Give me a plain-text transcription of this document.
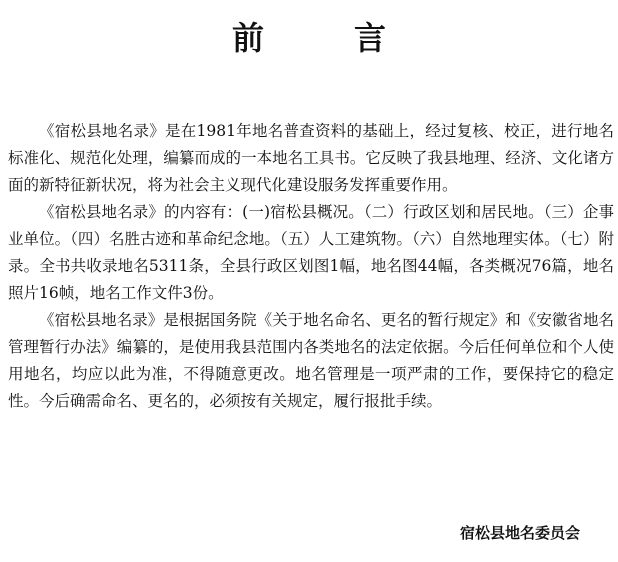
前	言

《宿松县地名录》是在1981年地名普查资料的基础上，经过复核、校正，进行地名标准化、规范化处理，编纂而成的一本地名工具书。它反映了我县地理、经济、文化诸方面的新特征新状况，将为社会主义现代化建设服务发挥重要作用。

《宿松县地名录》的内容有：(一)宿松县概况。（二）行政区划和居民地。（三）企事业单位。（四）名胜古迹和革命纪念地。（五）人工建筑物。（六）自然地理实体。（七）附录。全书共收录地名5311条，全县行政区划图1幅，地名图44幅，各类概况76篇，地名照片16帧，地名工作文件3份。

《宿松县地名录》是根据国务院《关于地名命名、更名的暂行规定》和《安徽省地名管理暂行办法》编纂的，是使用我县范围内各类地名的法定依据。今后任何单位和个人使用地名，均应以此为准，不得随意更改。地名管理是一项严肃的工作，要保持它的稳定性。今后确需命名、更名的，必须按有关规定，履行报批手续。

宿松县地名委员会
